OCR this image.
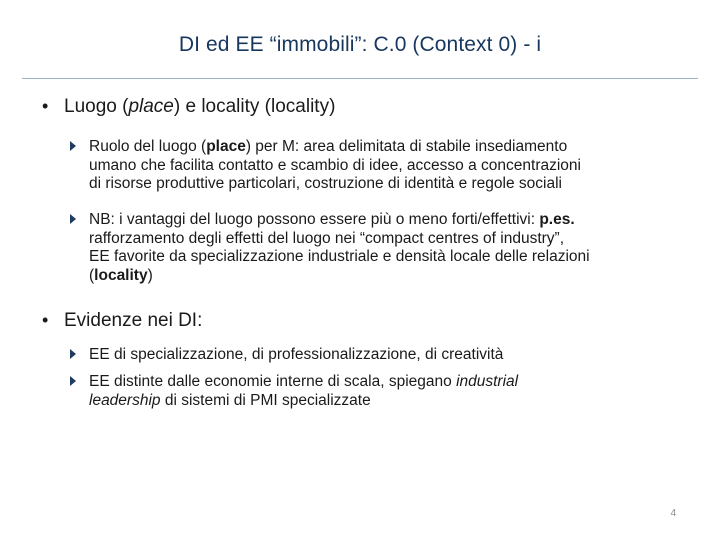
DI ed EE “immobili”: C.0 (Context 0) - i
• Luogo (place) e locality (locality)
Ruolo del luogo (place) per M: area delimitata di stabile insediamento
umano che facilita contatto e scambio di idee, accesso a concentrazioni
di risorse produttive particolari, costruzione di identità e regole sociali
NB: i vantaggi del luogo possono essere più o meno forti/effettivi: p.es.
rafforzamento degli effetti del luogo nei “compact centres of industry”,
EE favorite da specializzazione industriale e densità locale delle relazioni
(locality)
• Evidenze nei DI:
EE di specializzazione, di professionalizzazione, di creatività
EE distinte dalle economie interne di scala, spiegano industrial
leadership di sistemi di PMI specializzate
4
